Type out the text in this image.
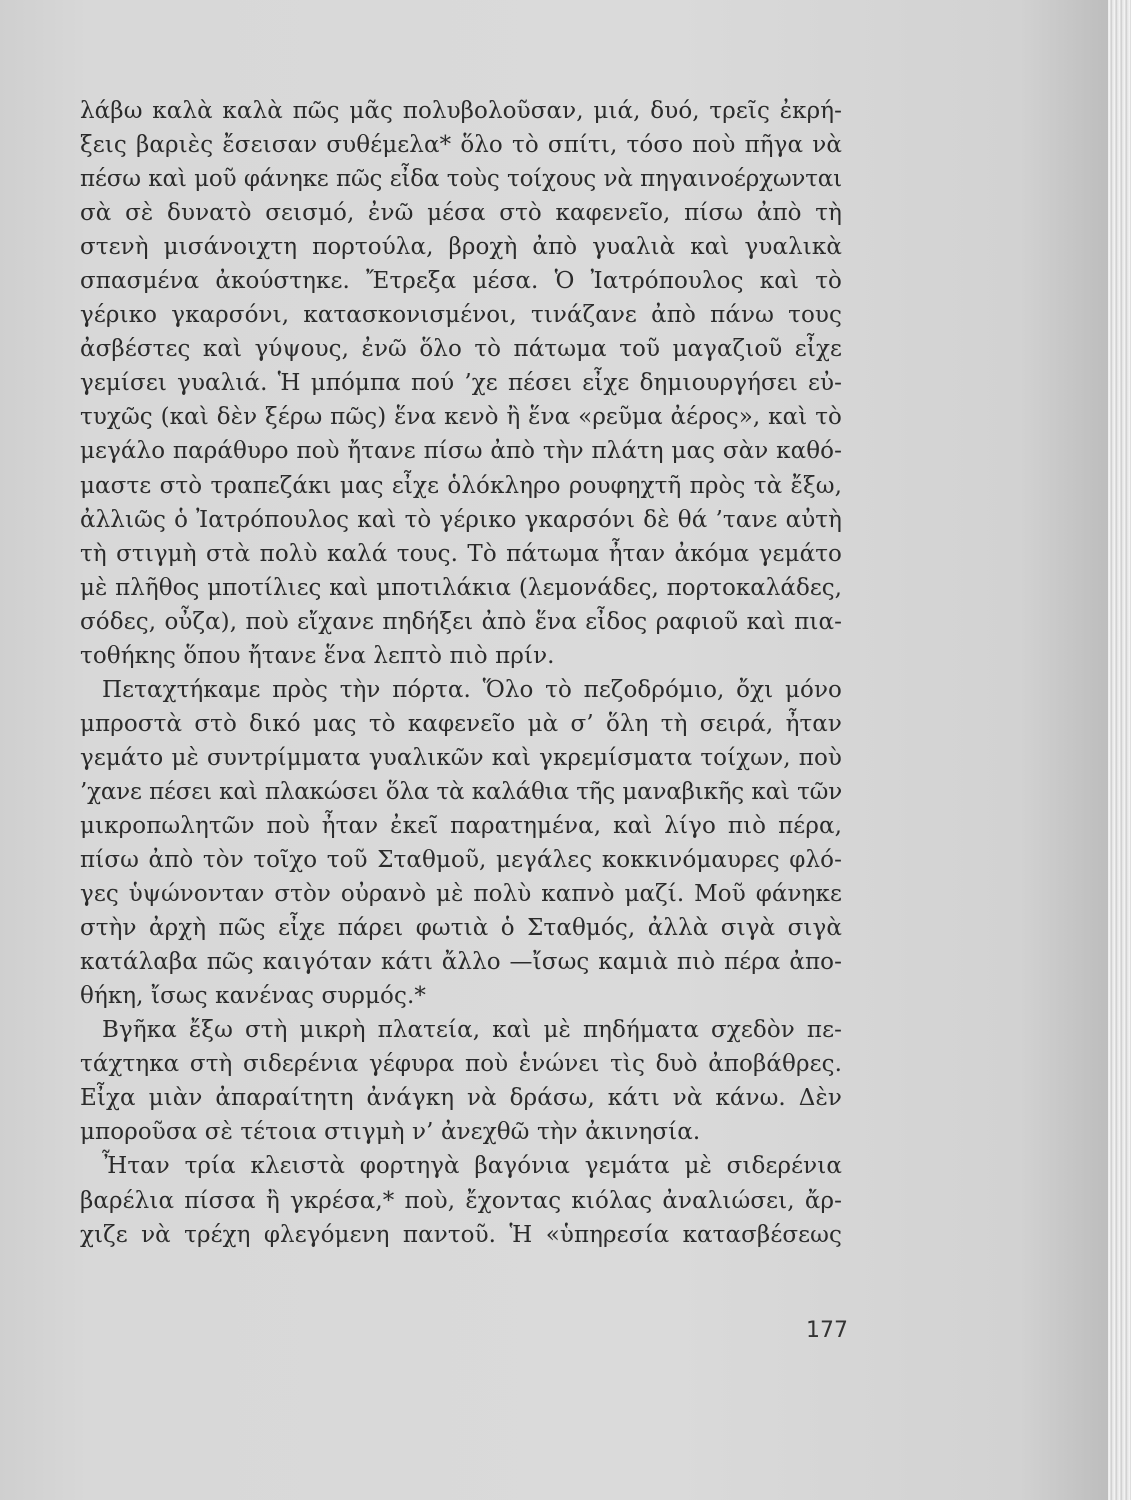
λάβω καλὰ καλὰ πῶς μᾶς πολυβολοῦσαν, μιά, δυό, τρεῖς ἐκρή-
ξεις βαριὲς ἔσεισαν συθέμελα* ὅλο τὸ σπίτι, τόσο ποὺ πῆγα νὰ
πέσω καὶ μοῦ φάνηκε πῶς εἶδα τοὺς τοίχους νὰ πηγαινοέρχωνται
σὰ σὲ δυνατὸ σεισμό, ἐνῶ μέσα στὸ καφενεῖο, πίσω ἀπὸ τὴ
στενὴ μισάνοιχτη πορτούλα, βροχὴ ἀπὸ γυαλιὰ καὶ γυαλικὰ
σπασμένα ἀκούστηκε. Ἔτρεξα μέσα. Ὁ Ἰατρόπουλος καὶ τὸ
γέρικο γκαρσόνι, κατασκονισμένοι, τινάζανε ἀπὸ πάνω τους
ἀσβέστες καὶ γύψους, ἐνῶ ὅλο τὸ πάτωμα τοῦ μαγαζιοῦ εἶχε
γεμίσει γυαλιά. Ἡ μπόμπα πού ’χε πέσει εἶχε δημιουργήσει εὐ-
τυχῶς (καὶ δὲν ξέρω πῶς) ἕνα κενὸ ἢ ἕνα «ρεῦμα ἀέρος», καὶ τὸ
μεγάλο παράθυρο ποὺ ἤτανε πίσω ἀπὸ τὴν πλάτη μας σὰν καθό-
μαστε στὸ τραπεζάκι μας εἶχε ὁλόκληρο ρουφηχτῆ πρὸς τὰ ἔξω,
ἀλλιῶς ὁ Ἰατρόπουλος καὶ τὸ γέρικο γκαρσόνι δὲ θά ’τανε αὐτὴ
τὴ στιγμὴ στὰ πολὺ καλά τους. Τὸ πάτωμα ἦταν ἀκόμα γεμάτο
μὲ πλῆθος μποτίλιες καὶ μποτιλάκια (λεμονάδες, πορτοκαλάδες,
σόδες, οὖζα), ποὺ εἴχανε πηδήξει ἀπὸ ἕνα εἶδος ραφιοῦ καὶ πια-
τοθήκης ὅπου ἤτανε ἕνα λεπτὸ πιὸ πρίν.
Πεταχτήκαμε πρὸς τὴν πόρτα. Ὅλο τὸ πεζοδρόμιο, ὄχι μόνο
μπροστὰ στὸ δικό μας τὸ καφενεῖο μὰ σ’ ὅλη τὴ σειρά, ἦταν
γεμάτο μὲ συντρίμματα γυαλικῶν καὶ γκρεμίσματα τοίχων, ποὺ
’χανε πέσει καὶ πλακώσει ὅλα τὰ καλάθια τῆς μαναβικῆς καὶ τῶν
μικροπωλητῶν ποὺ ἦταν ἐκεῖ παρατημένα, καὶ λίγο πιὸ πέρα,
πίσω ἀπὸ τὸν τοῖχο τοῦ Σταθμοῦ, μεγάλες κοκκινόμαυρες φλό-
γες ὑψώνονταν στὸν οὐρανὸ μὲ πολὺ καπνὸ μαζί. Μοῦ φάνηκε
στὴν ἀρχὴ πῶς εἶχε πάρει φωτιὰ ὁ Σταθμός, ἀλλὰ σιγὰ σιγὰ
κατάλαβα πῶς καιγόταν κάτι ἄλλο —ἴσως καμιὰ πιὸ πέρα ἀπο-
θήκη, ἴσως κανένας συρμός.*
Βγῆκα ἔξω στὴ μικρὴ πλατεία, καὶ μὲ πηδήματα σχεδὸν πε-
τάχτηκα στὴ σιδερένια γέφυρα ποὺ ἑνώνει τὶς δυὸ ἀποβάθρες.
Εἶχα μιὰν ἀπαραίτητη ἀνάγκη νὰ δράσω, κάτι νὰ κάνω. Δὲν
μποροῦσα σὲ τέτοια στιγμὴ ν’ ἀνεχθῶ τὴν ἀκινησία.
Ἦταν τρία κλειστὰ φορτηγὰ βαγόνια γεμάτα μὲ σιδερένια
βαρέλια πίσσα ἢ γκρέσα,* ποὺ, ἔχοντας κιόλας ἀναλιώσει, ἄρ-
χιζε νὰ τρέχη φλεγόμενη παντοῦ. Ἡ «ὑπηρεσία κατασβέσεως
177
